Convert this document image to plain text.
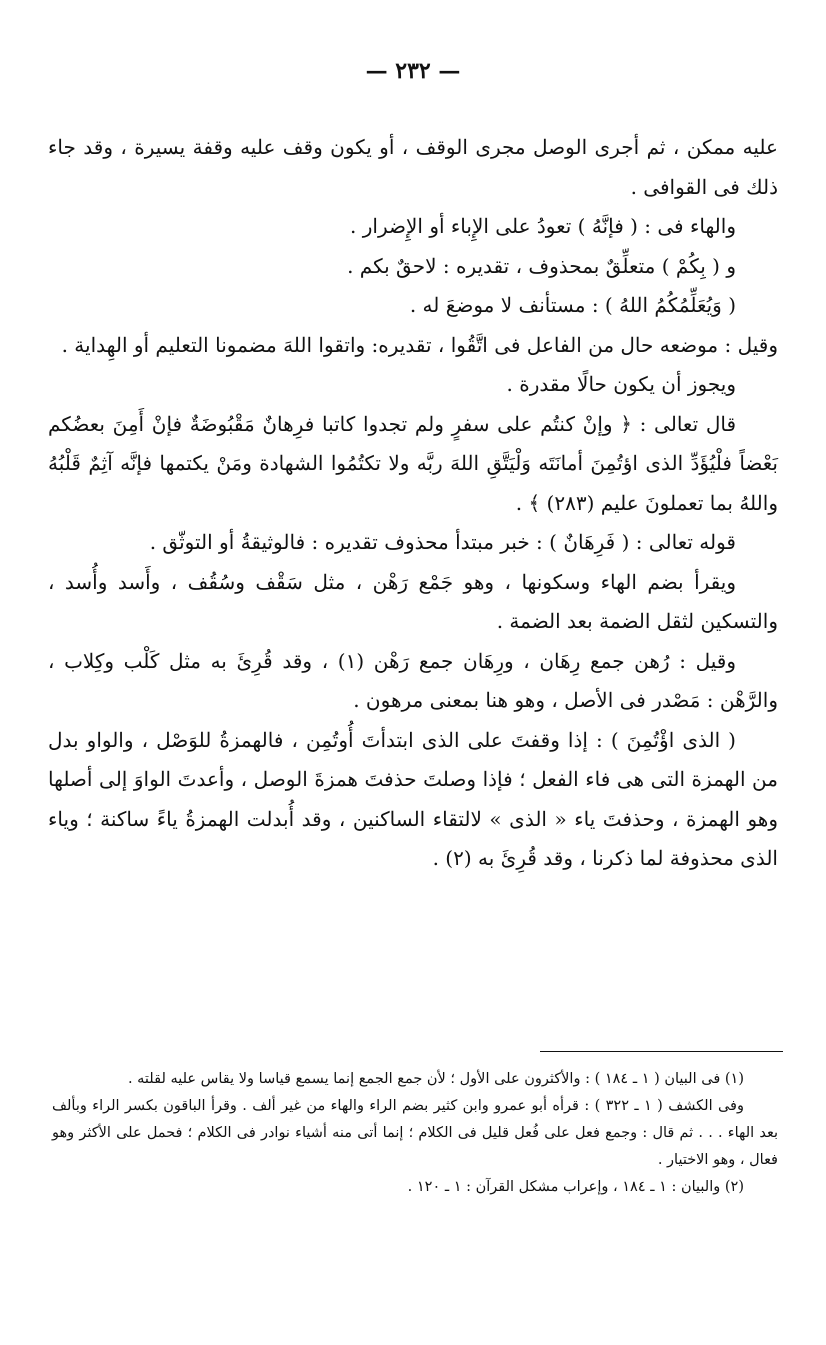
— ٢٣٢ —

عليه ممكن ، ثم أجرى الوصل مجرى الوقف ، أو يكون وقف عليه وقفة يسيرة ، وقد جاء ذلك فى القوافى .

والهاء فى : ( فإنَّهُ ) تعودُ على الإِباء أو الإِضرار .

و ( بِكُمْ ) متعلِّقٌ بمحذوف ، تقديره : لاحقٌ بكم .

( وَيُعَلِّمُكُمُ اللهُ ) : مستأنف لا موضعَ له .

وقيل : موضعه حال من الفاعل فى اتَّقُوا ، تقديره: واتقوا اللهَ مضمونا التعليم أو الهِداية .

ويجوز أن يكون حالًا مقدرة .

قال تعالى : ﴿ وإنْ كنتُم على سفرٍ ولم تجدوا كاتبا فرِهانٌ مَقْبُوضَةٌ فإنْ أَمِنَ بعضُكم بَعْضاً فلْيُؤَدِّ الذى اؤتُمِنَ أمانَتَه وَلْيَتَّقِ اللهَ ربَّه ولا تكتُمُوا الشهادة ومَنْ يكتمها فإنَّه آثِمٌ قَلْبُهُ واللهُ بما تعملونَ عليم (٢٨٣) ﴾ .

قوله تعالى : ( فَرِهَانٌ ) : خبر مبتدأ محذوف تقديره : فالوثيقةُ أو التوثّق .

ويقرأ بضم الهاء وسكونها ، وهو جَمْع رَهْن ، مثل سَقْف وسُقُف ، وأَسد وأُسد ، والتسكين لثقل الضمة بعد الضمة .

وقيل : رُهن جمع رِهَان ، ورِهَان جمع رَهْن (١) ، وقد قُرِئَ به مثل كَلْب وكِلاب ، والرَّهْن : مَصْدر فى الأصل ، وهو هنا بمعنى مرهون .

( الذى اؤْتُمِنَ ) : إذا وقفتَ على الذى ابتدأتَ أُوتُمِن ، فالهمزةُ للوَصْل ، والواو بدل من الهمزة التى هى فاء الفعل ؛ فإذا وصلتَ حذفتَ همزةَ الوصل ، وأعدتَ الواوَ إلى أصلها وهو الهمزة ، وحذفتَ ياء « الذى » لالتقاء الساكنين ، وقد أُبدلت الهمزةُ ياءً ساكنة ؛ وياء الذى محذوفة لما ذكرنا ، وقد قُرِئَ به (٢) .

(١) فى البيان ( ١ ـ ١٨٤ ) : والأكثرون على الأول ؛ لأن جمع الجمع إنما يسمع قياسا ولا يقاس عليه لقلته .

وفى الكشف ( ١ ـ ٣٢٢ ) : قرأه أبو عمرو وابن كثير بضم الراء والهاء من غير ألف . وقرأ الباقون بكسر الراء وبألف بعد الهاء . . . ثم قال : وجمع فعل على فُعل قليل فى الكلام ؛ إنما أتى منه أشياء نوادر فى الكلام ؛ فحمل على الأكثر وهو فعال ، وهو الاختيار .

(٢) والبيان : ١ ـ ١٨٤ ، وإعراب مشكل القرآن : ١ ـ ١٢٠ .
